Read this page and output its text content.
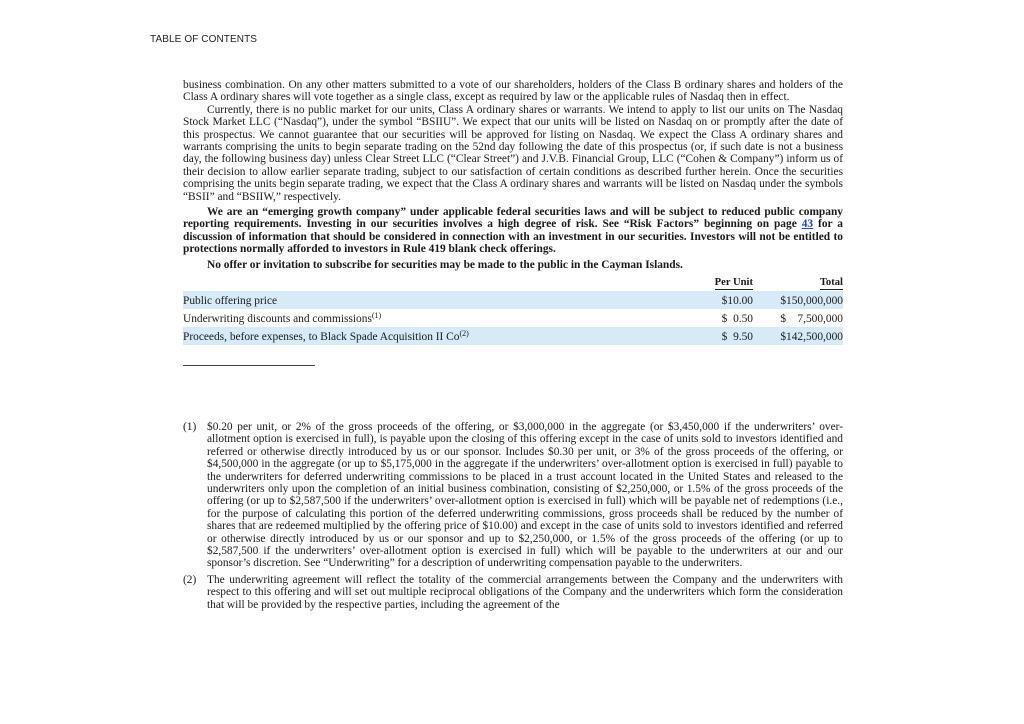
TABLE OF CONTENTS

business combination. On any other matters submitted to a vote of our shareholders, holders of the Class B ordinary shares and holders of the Class A ordinary shares will vote together as a single class, except as required by law or the applicable rules of Nasdaq then in effect.

Currently, there is no public market for our units, Class A ordinary shares or warrants. We intend to apply to list our units on The Nasdaq Stock Market LLC (“Nasdaq”), under the symbol “BSIIU”. We expect that our units will be listed on Nasdaq on or promptly after the date of this prospectus. We cannot guarantee that our securities will be approved for listing on Nasdaq. We expect the Class A ordinary shares and warrants comprising the units to begin separate trading on the 52nd day following the date of this prospectus (or, if such date is not a business day, the following business day) unless Clear Street LLC (“Clear Street”) and J.V.B. Financial Group, LLC (“Cohen & Company”) inform us of their decision to allow earlier separate trading, subject to our satisfaction of certain conditions as described further herein. Once the securities comprising the units begin separate trading, we expect that the Class A ordinary shares and warrants will be listed on Nasdaq under the symbols “BSII” and “BSIIW,” respectively.

We are an “emerging growth company” under applicable federal securities laws and will be subject to reduced public company reporting requirements. Investing in our securities involves a high degree of risk. See “Risk Factors” beginning on page 43 for a discussion of information that should be considered in connection with an investment in our securities. Investors will not be entitled to protections normally afforded to investors in Rule 419 blank check offerings.

No offer or invitation to subscribe for securities may be made to the public in the Cayman Islands.

	Per Unit	Total
Public offering price	$10.00	$150,000,000
Underwriting discounts and commissions$^{(1)}$	$  0.50	$    7,500,000
Proceeds, before expenses, to Black Spade Acquisition II Co$^{(2)}$	$  9.50	$142,500,000
(1) $0.20 per unit, or 2% of the gross proceeds of the offering, or $3,000,000 in the aggregate (or $3,450,000 if the underwriters’ over-allotment option is exercised in full), is payable upon the closing of this offering except in the case of units sold to investors identified and referred or otherwise directly introduced by us or our sponsor. Includes $0.30 per unit, or 3% of the gross proceeds of the offering, or $4,500,000 in the aggregate (or up to $5,175,000 in the aggregate if the underwriters’ over-allotment option is exercised in full) payable to the underwriters for deferred underwriting commissions to be placed in a trust account located in the United States and released to the underwriters only upon the completion of an initial business combination, consisting of $2,250,000, or 1.5% of the gross proceeds of the offering (or up to $2,587,500 if the underwriters’ over-allotment option is exercised in full) which will be payable net of redemptions (i.e., for the purpose of calculating this portion of the deferred underwriting commissions, gross proceeds shall be reduced by the number of shares that are redeemed multiplied by the offering price of $10.00) and except in the case of units sold to investors identified and referred or otherwise directly introduced by us or our sponsor and up to $2,250,000, or 1.5% of the gross proceeds of the offering (or up to $2,587,500 if the underwriters’ over-allotment option is exercised in full) which will be payable to the underwriters at our and our sponsor’s discretion. See “Underwriting” for a description of underwriting compensation payable to the underwriters.

(2) The underwriting agreement will reflect the totality of the commercial arrangements between the Company and the underwriters with respect to this offering and will set out multiple reciprocal obligations of the Company and the underwriters which form the consideration that will be provided by the respective parties, including the agreement of the
